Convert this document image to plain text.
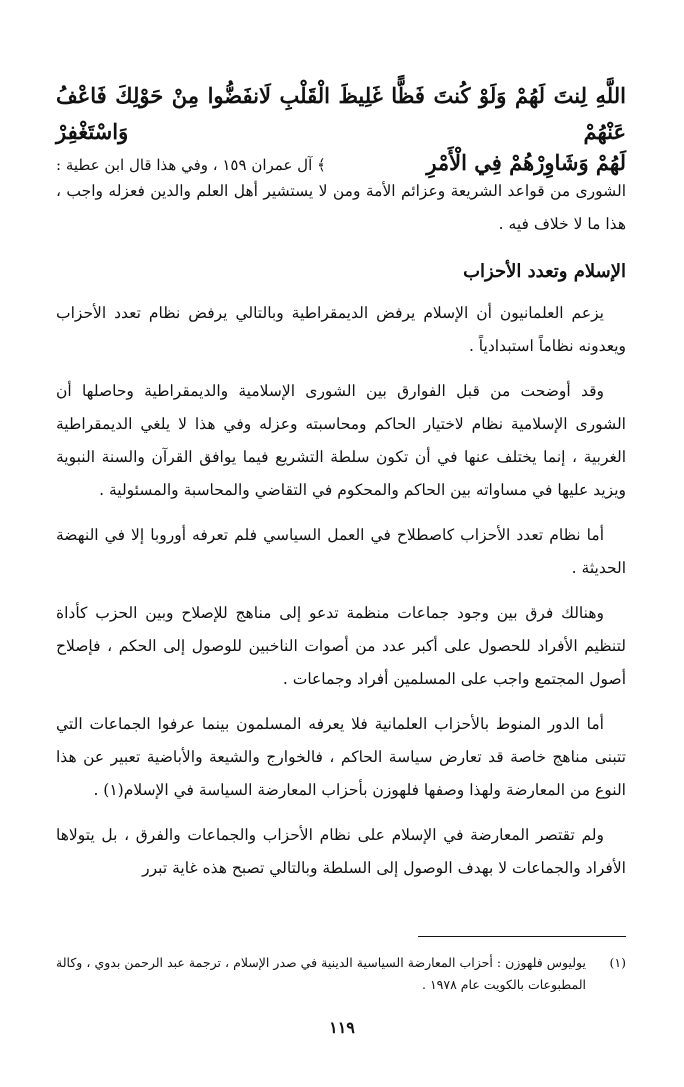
اللَّهِ لِنتَ لَهُمْ وَلَوْ كُنتَ فَظًّا غَلِيظَ الْقَلْبِ لَانفَضُّوا مِنْ حَوْلِكَ فَاعْفُ عَنْهُمْ وَاسْتَغْفِرْ
لَهُمْ وَشَاوِرْهُمْ فِي الْأَمْرِ
﴾ آل عمران ١٥٩ ، وفي هذا قال ابن عطية :

الشورى من قواعد الشريعة وعزائم الأمة ومن لا يستشير أهل العلم والدين فعزله واجب ، هذا ما لا خلاف فيه .

الإسلام وتعدد الأحزاب

يزعم العلمانيون أن الإسلام يرفض الديمقراطية وبالتالي يرفض نظام تعدد الأحزاب ويعدونه نظاماً استبدادياً .

وقد أوضحت من قبل الفوارق بين الشورى الإسلامية والديمقراطية وحاصلها أن الشورى الإسلامية نظام لاختيار الحاكم ومحاسبته وعزله وفي هذا لا يلغي الديمقراطية الغربية ، إنما يختلف عنها في أن تكون سلطة التشريع فيما يوافق القرآن والسنة النبوية ويزيد عليها في مساواته بين الحاكم والمحكوم في التقاضي والمحاسبة والمسئولية .

أما نظام تعدد الأحزاب كاصطلاح في العمل السياسي فلم تعرفه أوروبا إلا في النهضة الحديثة .

وهنالك فرق بين وجود جماعات منظمة تدعو إلى مناهج للإصلاح وبين الحزب كأداة لتنظيم الأفراد للحصول على أكبر عدد من أصوات الناخبين للوصول إلى الحكم ، فإصلاح أصول المجتمع واجب على المسلمين أفراد وجماعات .

أما الدور المنوط بالأحزاب العلمانية فلا يعرفه المسلمون بينما عرفوا الجماعات التي تتبنى مناهج خاصة قد تعارض سياسة الحاكم ، فالخوارج والشيعة والأباضية تعبير عن هذا النوع من المعارضة ولهذا وصفها فلهوزن بأحزاب المعارضة السياسة في الإسلام(١) .

ولم تقتصر المعارضة في الإسلام على نظام الأحزاب والجماعات والفرق ، بل يتولاها الأفراد والجماعات لا بهدف الوصول إلى السلطة وبالتالي تصبح هذه غاية تبرر

(١)
يوليوس فلهوزن : أحزاب المعارضة السياسية الدينية في صدر الإسلام ، ترجمة عبد الرحمن بدوي ، وكالة المطبوعات بالكويت عام ١٩٧٨ .
١١٩
